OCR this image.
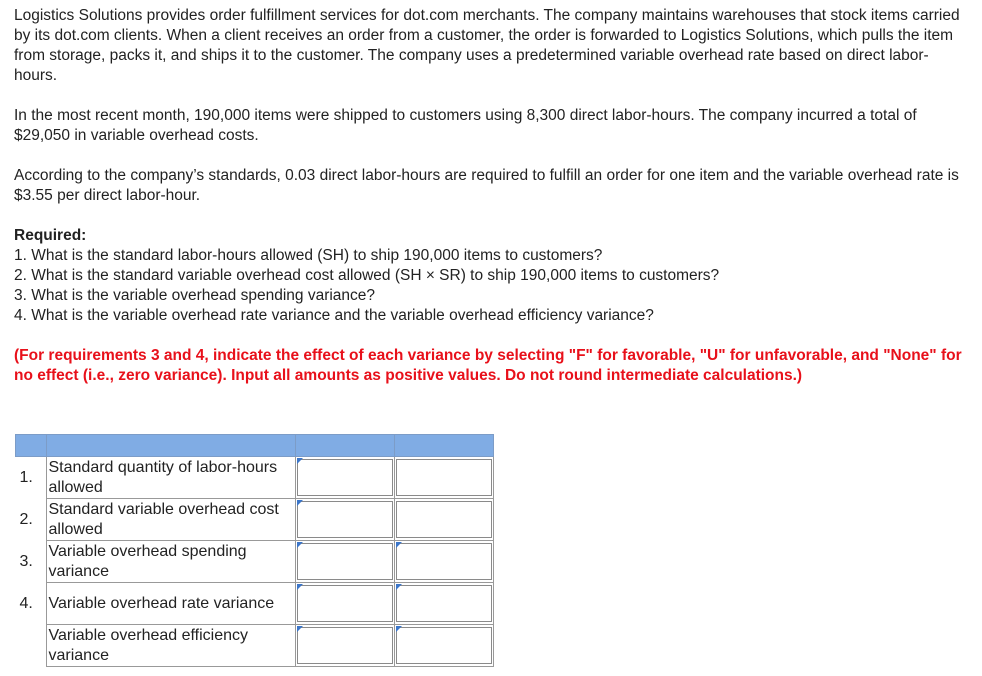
Logistics Solutions provides order fulfillment services for dot.com merchants. The company maintains warehouses that stock items carried by its dot.com clients. When a client receives an order from a customer, the order is forwarded to Logistics Solutions, which pulls the item from storage, packs it, and ships it to the customer. The company uses a predetermined variable overhead rate based on direct labor-hours.

In the most recent month, 190,000 items were shipped to customers using 8,300 direct labor-hours. The company incurred a total of $29,050 in variable overhead costs.

According to the company’s standards, 0.03 direct labor-hours are required to fulfill an order for one item and the variable overhead rate is $3.55 per direct labor-hour.

Required:

1. What is the standard labor-hours allowed (SH) to ship 190,000 items to customers?

2. What is the standard variable overhead cost allowed (SH × SR) to ship 190,000 items to customers?

3. What is the variable overhead spending variance?

4. What is the variable overhead rate variance and the variable overhead efficiency variance?

(For requirements 3 and 4, indicate the effect of each variance by selecting "F" for favorable, "U" for unfavorable, and "None" for no effect (i.e., zero variance). Input all amounts as positive values. Do not round intermediate calculations.)

1.	Standard quantity of labor-hours allowed	

2.	Standard variable overhead cost allowed	

3.	Variable overhead spending variance	

4.	Variable overhead rate variance	

	Variable overhead efficiency variance	
